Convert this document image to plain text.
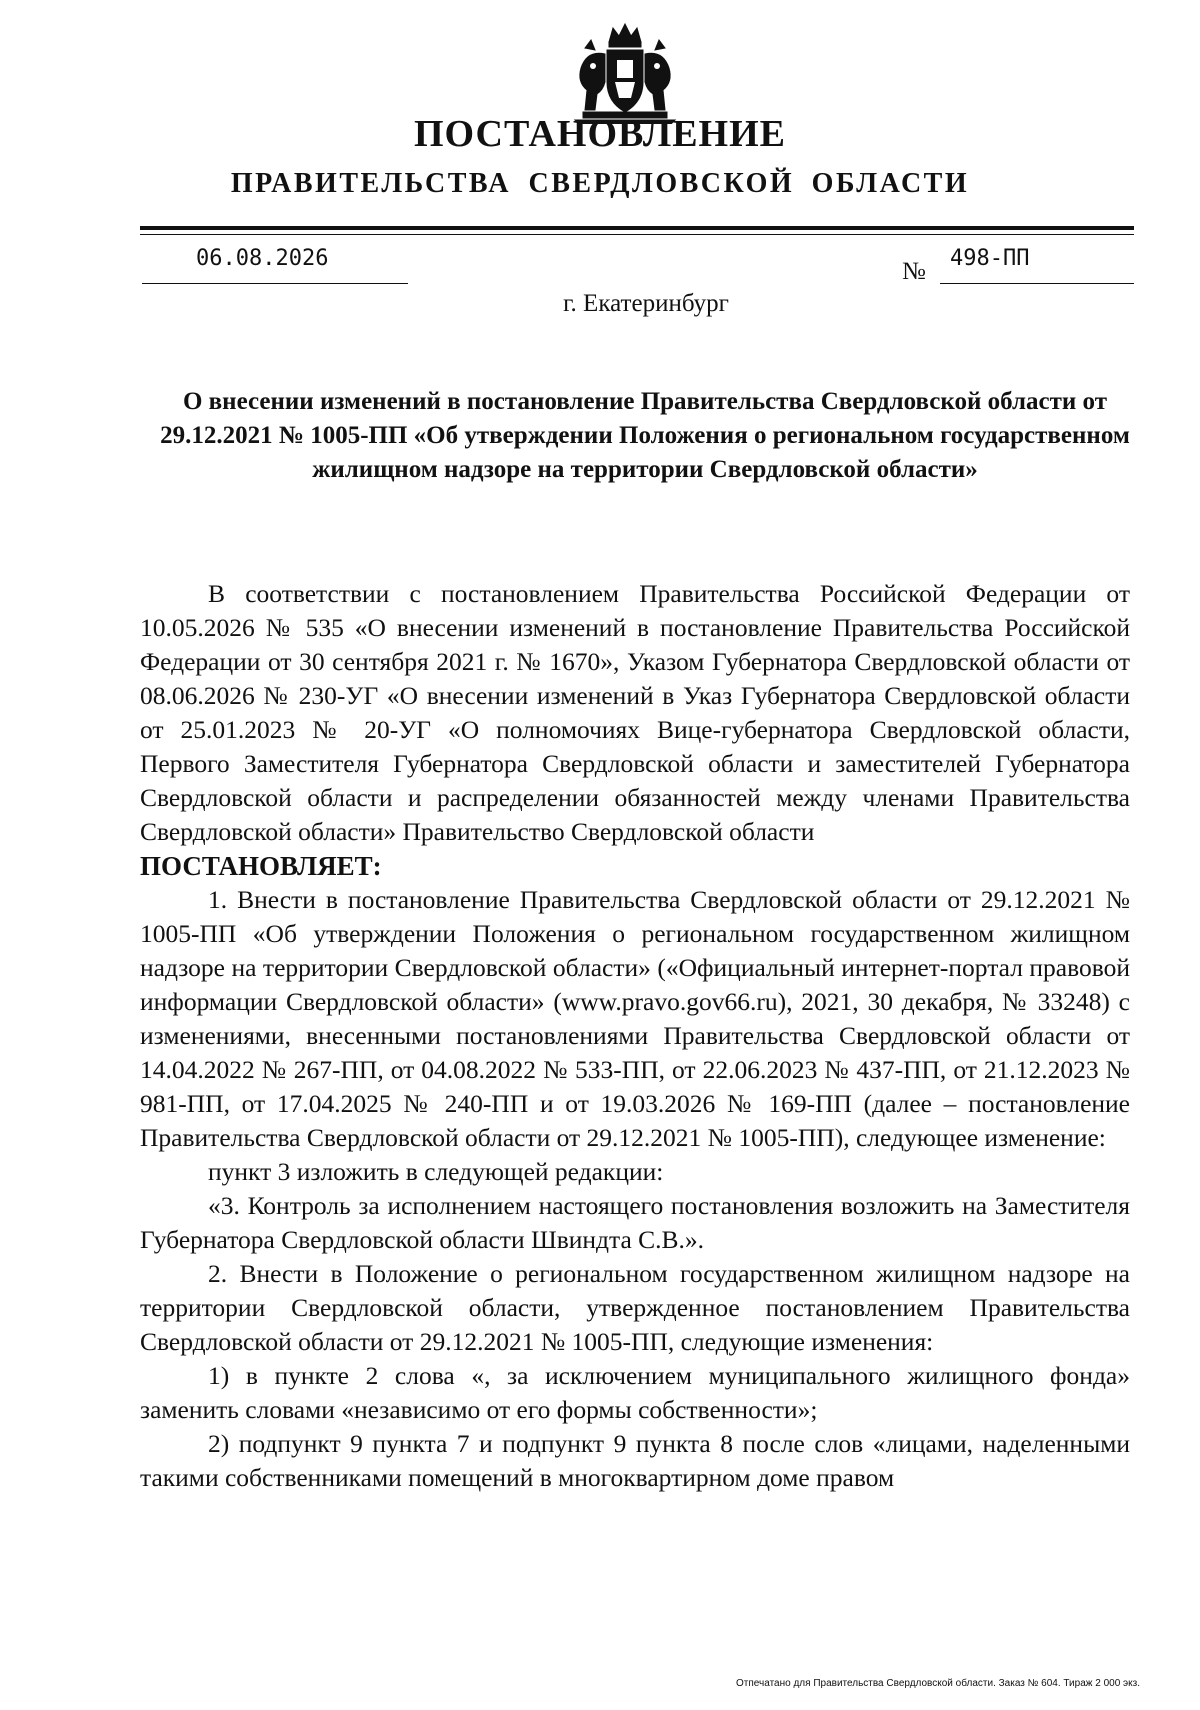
ПОСТАНОВЛЕНИЕ
ПРАВИТЕЛЬСТВА СВЕРДЛОВСКОЙ ОБЛАСТИ
06.08.2026	№ 498-ПП
г. Екатеринбург
О внесении изменений в постановление Правительства Свердловской области от 29.12.2021 № 1005-ПП «Об утверждении Положения о региональном государственном жилищном надзоре на территории Свердловской области»

В соответствии с постановлением Правительства Российской Федерации от 10.05.2026 № 535 «О внесении изменений в постановление Правительства Российской Федерации от 30 сентября 2021 г. № 1670», Указом Губернатора Свердловской области от 08.06.2026 № 230-УГ «О внесении изменений в Указ Губернатора Свердловской области от 25.01.2023 № 20-УГ «О полномочиях Вице-губернатора Свердловской области, Первого Заместителя Губернатора Свердловской области и заместителей Губернатора Свердловской области и распределении обязанностей между членами Правительства Свердловской области» Правительство Свердловской области

ПОСТАНОВЛЯЕТ:

1. Внести в постановление Правительства Свердловской области от 29.12.2021 № 1005-ПП «Об утверждении Положения о региональном государственном жилищном надзоре на территории Свердловской области» («Официальный интернет-портал правовой информации Свердловской области» (www.pravo.gov66.ru), 2021, 30 декабря, № 33248) с изменениями, внесенными постановлениями Правительства Свердловской области от 14.04.2022 № 267-ПП, от 04.08.2022 № 533-ПП, от 22.06.2023 № 437-ПП, от 21.12.2023 № 981-ПП, от 17.04.2025 № 240-ПП и от 19.03.2026 № 169-ПП (далее – постановление Правительства Свердловской области от 29.12.2021 № 1005-ПП), следующее изменение:

пункт 3 изложить в следующей редакции:

«3. Контроль за исполнением настоящего постановления возложить на Заместителя Губернатора Свердловской области Швиндта С.В.».

2. Внести в Положение о региональном государственном жилищном надзоре на территории Свердловской области, утвержденное постановлением Правительства Свердловской области от 29.12.2021 № 1005-ПП, следующие изменения:

1) в пункте 2 слова «, за исключением муниципального жилищного фонда» заменить словами «независимо от его формы собственности»;

2) подпункт 9 пункта 7 и подпункт 9 пункта 8 после слов «лицами, наделенными такими собственниками помещений в многоквартирном доме правом

Отпечатано для Правительства Свердловской области. Заказ № 604. Тираж 2 000 экз.
